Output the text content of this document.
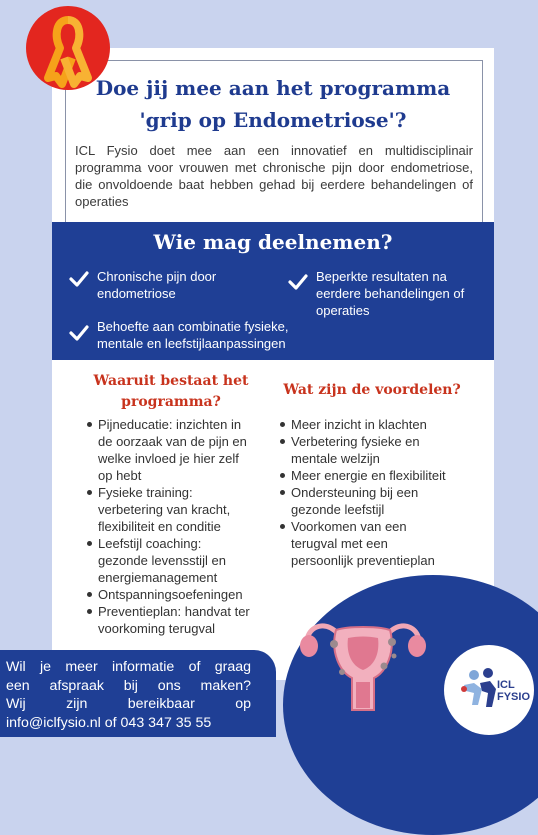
Doe jij mee aan het programma
'grip op Endometriose'?
ICL Fysio doet mee aan een innovatief en multidisciplinair programma voor vrouwen met chronische pijn door endometriose, die onvoldoende baat hebben gehad bij eerdere behandelingen of operaties
Wie mag deelnemen?
Chronische pijn door
endometriose
Beperkte resultaten na
eerdere behandelingen of
operaties
Behoefte aan combinatie fysieke,
mentale en leefstijlaanpassingen
Waaruit bestaat het
programma?
Pijneducatie: inzichten in
de oorzaak van de pijn en
welke invloed je hier zelf
op hebt
Fysieke training:
verbetering van kracht,
flexibiliteit en conditie
Leefstijl coaching:
gezonde levensstijl en
energiemanagement
Ontspanningsoefeningen
Preventieplan: handvat ter
voorkoming terugval
Wat zijn de voordelen?
Meer inzicht in klachten
Verbetering fysieke en
mentale welzijn
Meer energie en flexibiliteit
Ondersteuning bij een
gezonde leefstijl
Voorkomen van een
terugval met een
persoonlijk preventieplan
ICL
FYSIO
Wil je meer informatie of graag
een afspraak bij ons maken?
Wij zijn bereikbaar op
info@iclfysio.nl of 043 347 35 55
